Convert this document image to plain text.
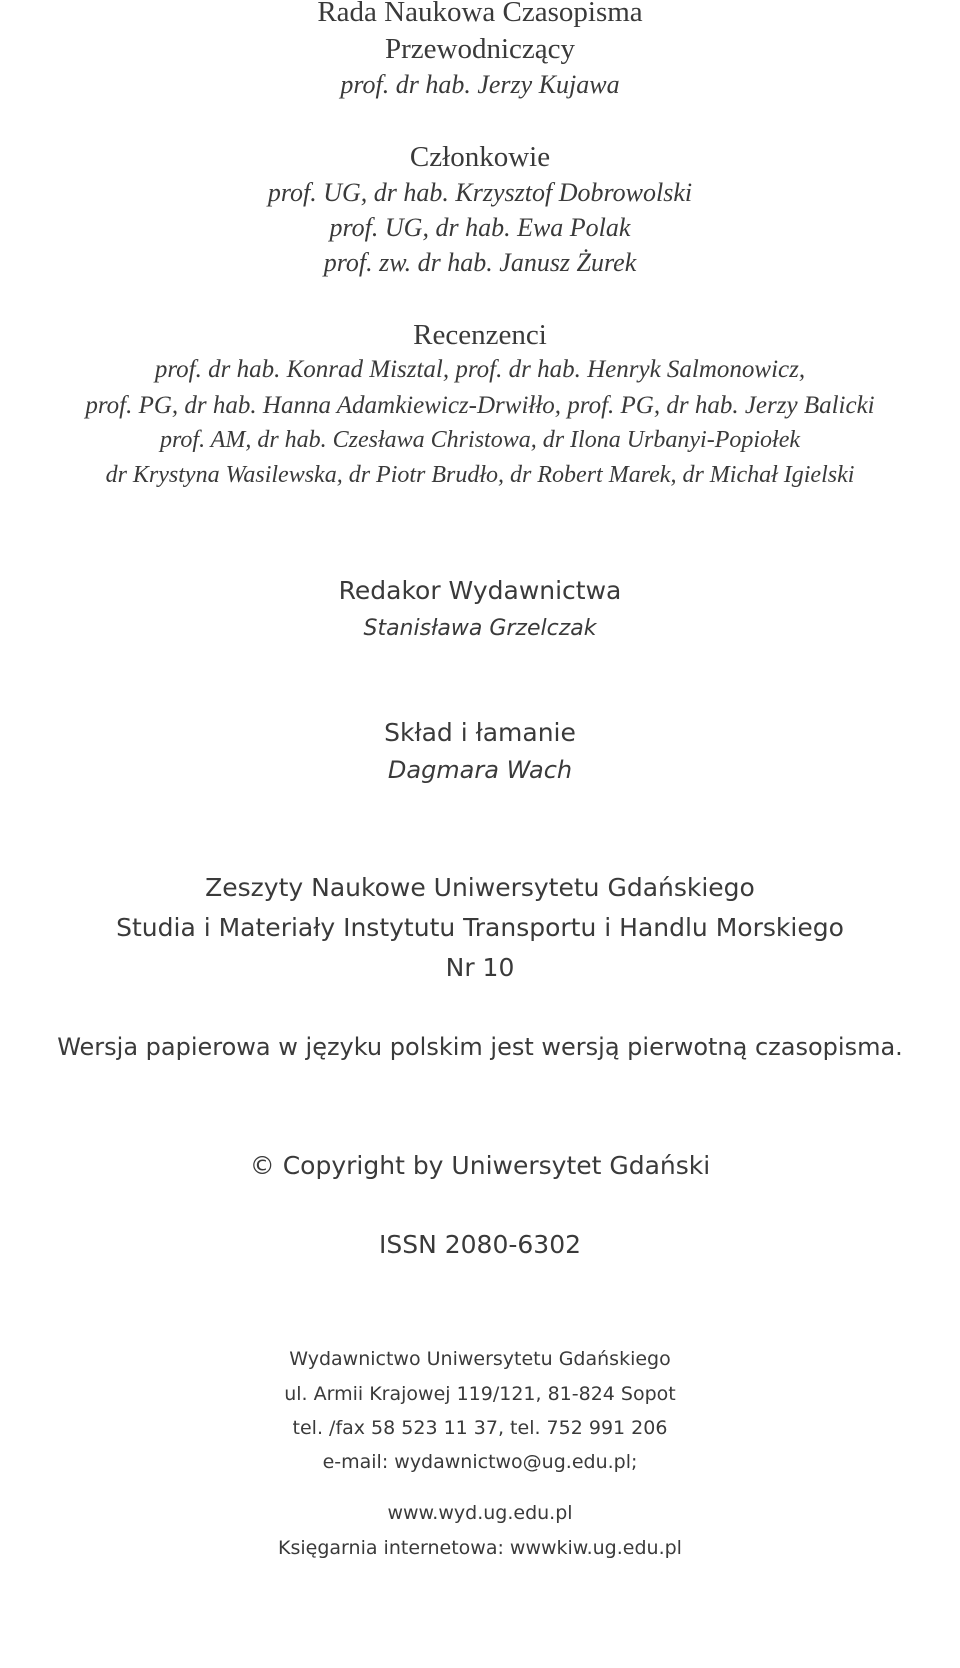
Rada Naukowa Czasopisma

Przewodniczący

prof. dr hab. Jerzy Kujawa

Członkowie

prof. UG, dr hab. Krzysztof Dobrowolski

prof. UG, dr hab. Ewa Polak

prof. zw. dr hab. Janusz Żurek

Recenzenci

prof. dr hab. Konrad Misztal, prof. dr hab. Henryk Salmonowicz,

prof. PG, dr hab. Hanna Adamkiewicz-Drwiłło, prof. PG, dr hab. Jerzy Balicki

prof. AM, dr hab. Czesława Christowa, dr Ilona Urbanyi-Popiołek

dr Krystyna Wasilewska, dr Piotr Brudło, dr Robert Marek, dr Michał Igielski

Redakor Wydawnictwa

Stanisława Grzelczak

Skład i łamanie

Dagmara Wach

Zeszyty Naukowe Uniwersytetu Gdańskiego

Studia i Materiały Instytutu Transportu i Handlu Morskiego

Nr 10

Wersja papierowa w języku polskim jest wersją pierwotną czasopisma.

© Copyright by Uniwersytet Gdański

ISSN 2080-6302

Wydawnictwo Uniwersytetu Gdańskiego

ul. Armii Krajowej 119/121, 81-824 Sopot

tel. /fax 58 523 11 37, tel. 752 991 206

e-mail: wydawnictwo@ug.edu.pl;

www.wyd.ug.edu.pl

Księgarnia internetowa: wwwkiw.ug.edu.pl
